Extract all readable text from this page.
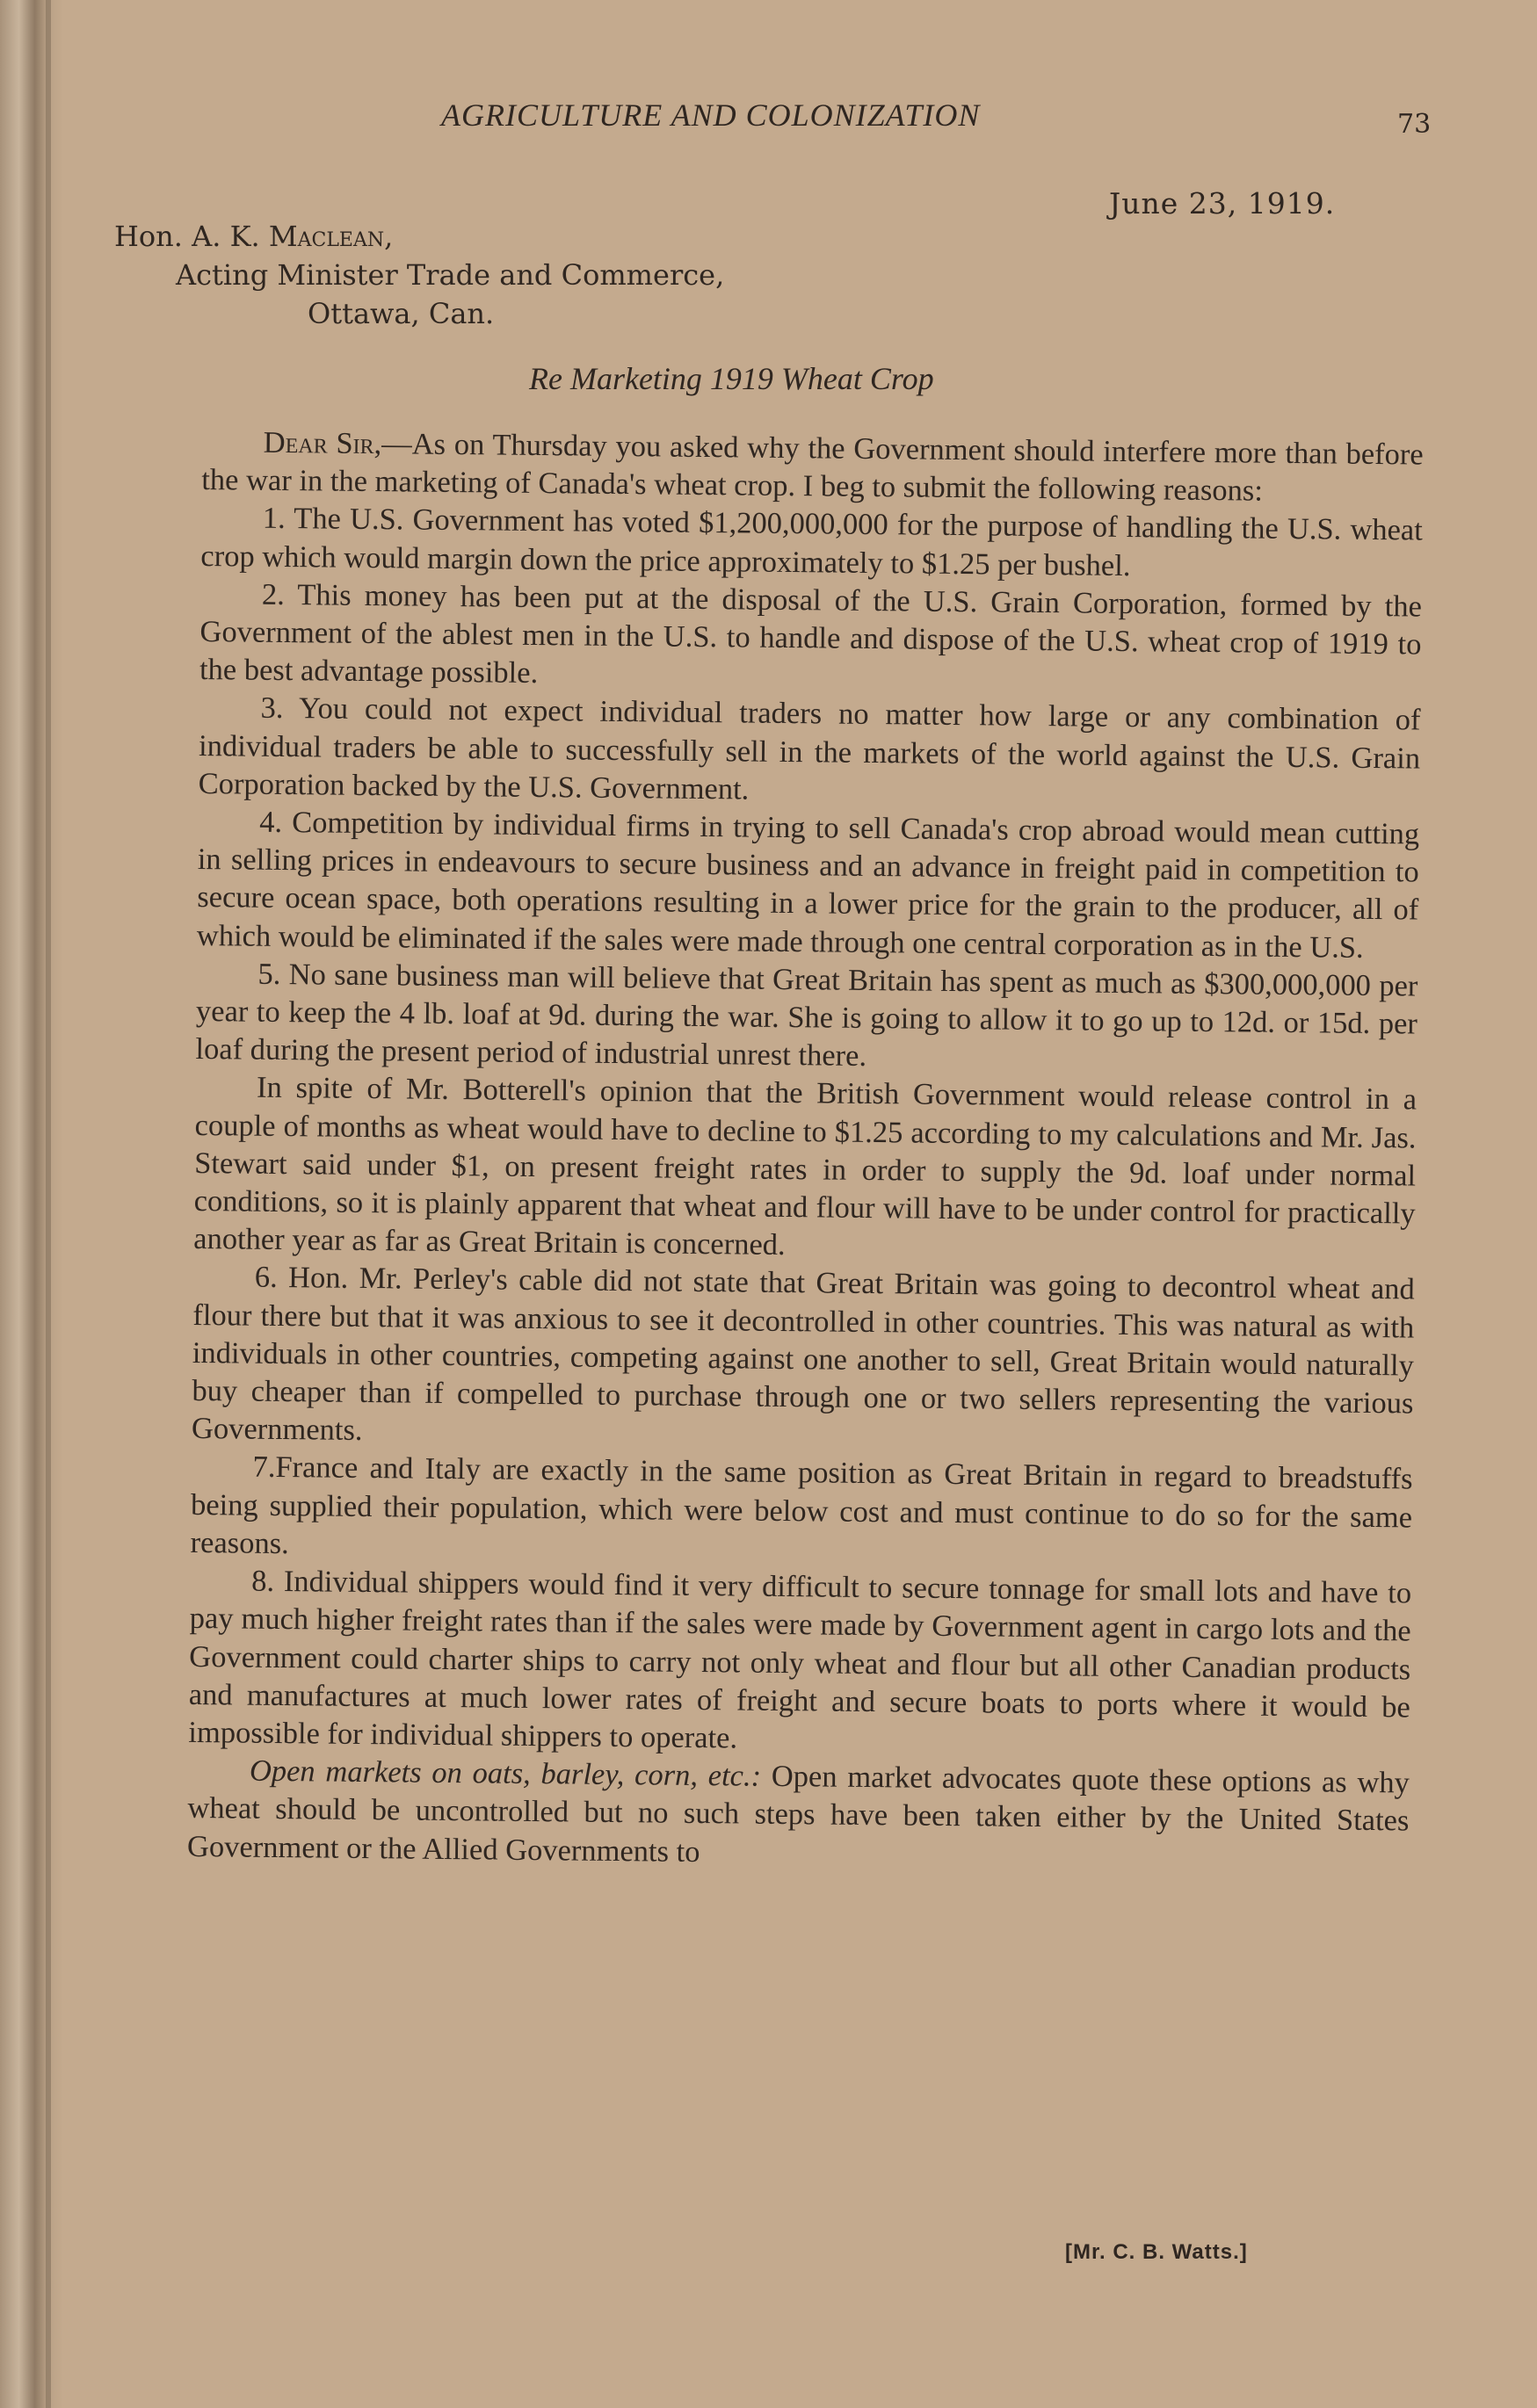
AGRICULTURE AND COLONIZATION	73
June 23, 1919.
Hon. A. K. Maclean,
Acting Minister Trade and Commerce,
Ottawa, Can.
Re Marketing 1919 Wheat Crop

Dear Sir,—As on Thursday you asked why the Government should interfere more than before the war in the marketing of Canada's wheat crop. I beg to submit the following reasons:

1. The U.S. Government has voted $1,200,000,000 for the purpose of handling the U.S. wheat crop which would margin down the price approximately to $1.25 per bushel.

2. This money has been put at the disposal of the U.S. Grain Corporation, formed by the Government of the ablest men in the U.S. to handle and dispose of the U.S. wheat crop of 1919 to the best advantage possible.

3. You could not expect individual traders no matter how large or any combination of individual traders be able to successfully sell in the markets of the world against the U.S. Grain Corporation backed by the U.S. Government.

4. Competition by individual firms in trying to sell Canada's crop abroad would mean cutting in selling prices in endeavours to secure business and an advance in freight paid in competition to secure ocean space, both operations resulting in a lower price for the grain to the producer, all of which would be eliminated if the sales were made through one central corporation as in the U.S.

5. No sane business man will believe that Great Britain has spent as much as $300,000,000 per year to keep the 4 lb. loaf at 9d. during the war. She is going to allow it to go up to 12d. or 15d. per loaf during the present period of industrial unrest there.

In spite of Mr. Botterell's opinion that the British Government would release control in a couple of months as wheat would have to decline to $1.25 according to my calculations and Mr. Jas. Stewart said under $1, on present freight rates in order to supply the 9d. loaf under normal conditions, so it is plainly apparent that wheat and flour will have to be under control for practically another year as far as Great Britain is concerned.

6. Hon. Mr. Perley's cable did not state that Great Britain was going to decontrol wheat and flour there but that it was anxious to see it decontrolled in other countries. This was natural as with individuals in other countries, competing against one another to sell, Great Britain would naturally buy cheaper than if compelled to purchase through one or two sellers representing the various Governments.

7.France and Italy are exactly in the same position as Great Britain in regard to breadstuffs being supplied their population, which were below cost and must continue to do so for the same reasons.

8. Individual shippers would find it very difficult to secure tonnage for small lots and have to pay much higher freight rates than if the sales were made by Government agent in cargo lots and the Government could charter ships to carry not only wheat and flour but all other Canadian products and manufactures at much lower rates of freight and secure boats to ports where it would be impossible for individual shippers to operate.

Open markets on oats, barley, corn, etc.: Open market advocates quote these options as why wheat should be uncontrolled but no such steps have been taken either by the United States Government or the Allied Governments to

[Mr. C. B. Watts.]
